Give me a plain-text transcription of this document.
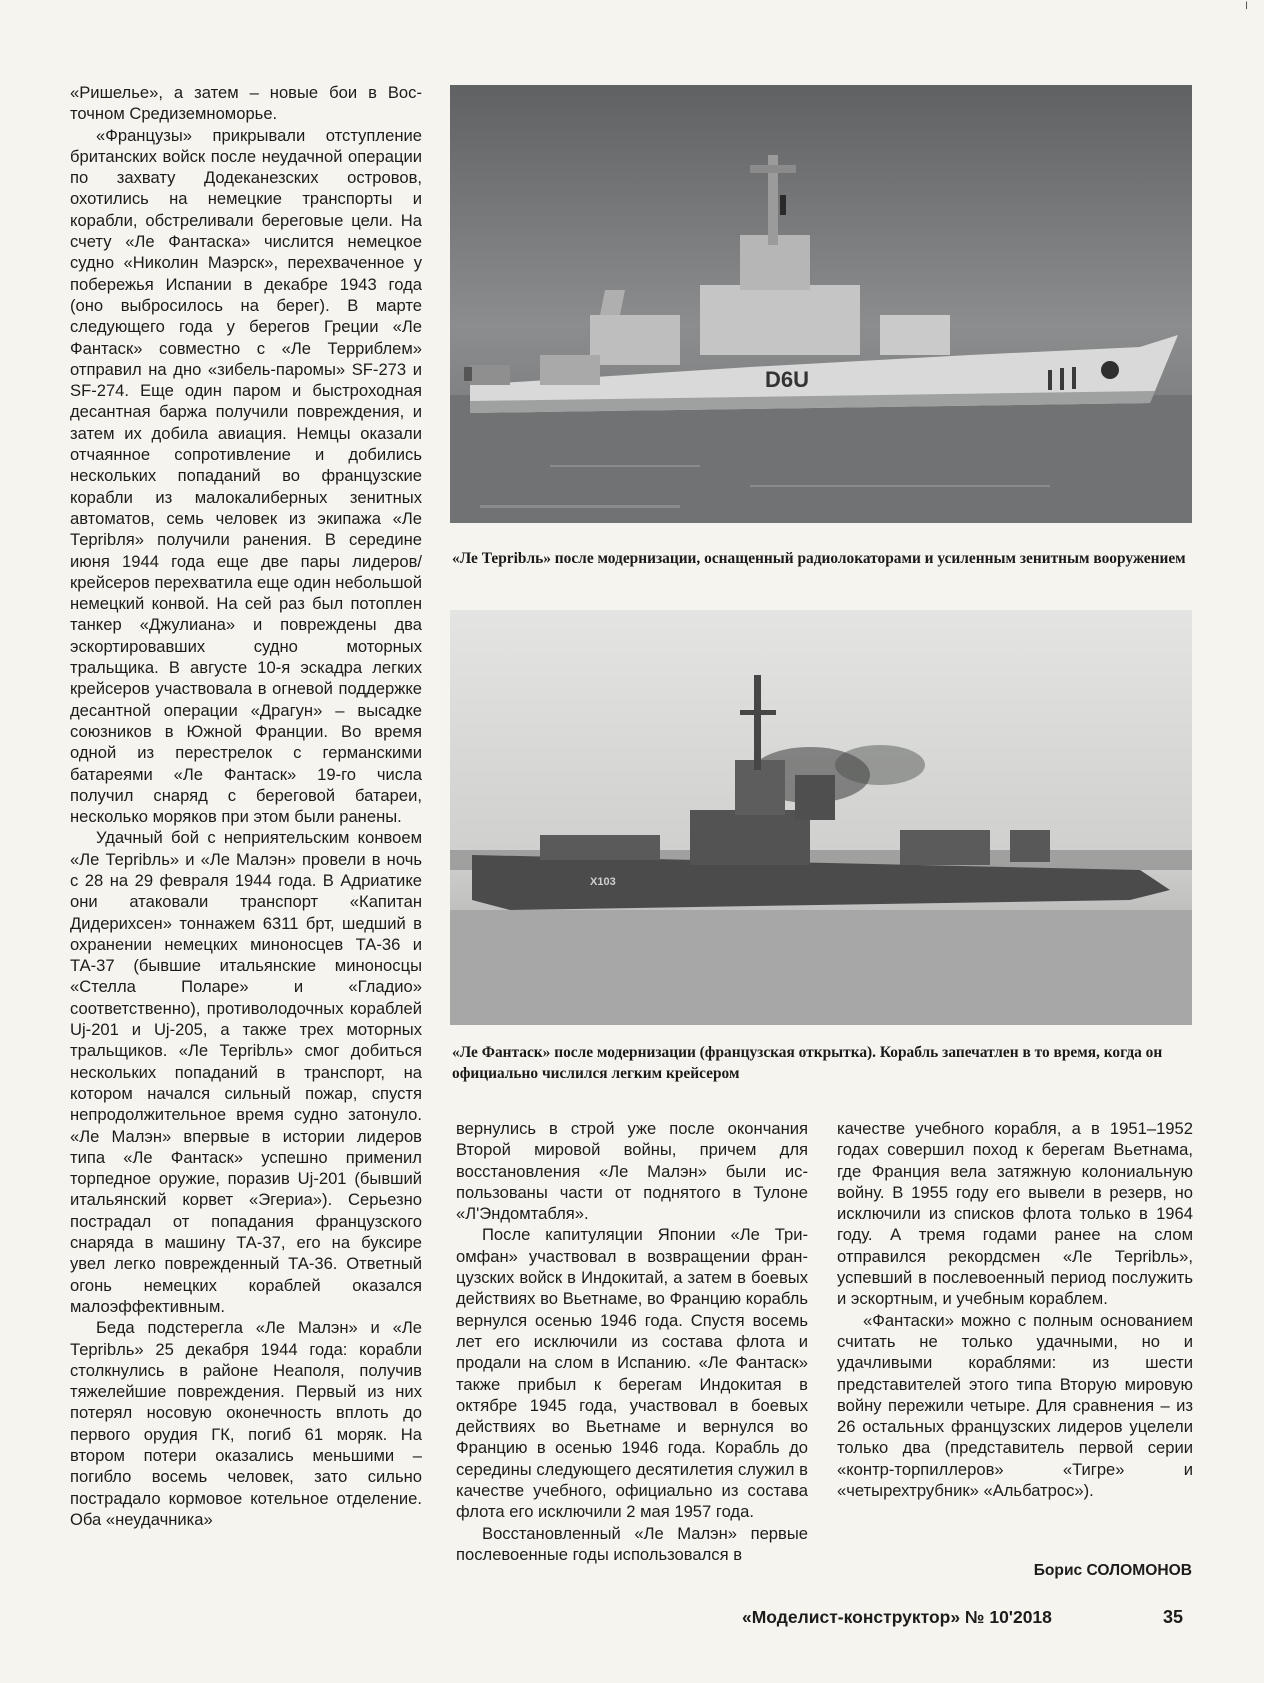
I

«Ришелье», а затем – новые бои в Восточном Средиземноморье.

«Французы» прикрывали отступление британских войск после неудачной операции по захвату Додеканезских островов, охотились на немецкие транспорты и корабли, обстреливали береговые цели. На счету «Ле Фантаска» числится немецкое судно «Николин Маэрск», перехваченное у побережья Испании в декабре 1943 года (оно выбросилось на берег). В марте следующего года у берегов Греции «Ле Фантаск» совместно с «Ле Терриблем» отправил на дно «зибель-паромы» SF-273 и SF-274. Еще один паром и быстроходная десантная баржа получили повреждения, и затем их добила авиация. Немцы оказали отчаянное сопротивление и добились нескольких попаданий во французские корабли из малокалиберных зенитных автоматов, семь человек из экипажа «Ле Терribля» получили ранения. В середине июня 1944 года еще две пары лидеров/крейсеров перехватила еще один небольшой немецкий конвой. На сей раз был потоплен танкер «Джулиана» и повреждены два эскортировавших судно моторных тральщика. В августе 10-я эскадра легких крейсеров участвовала в огневой поддержке десантной операции «Драгун» – высадке союзников в Южной Франции. Во время одной из перестрелок с германскими батареями «Ле Фантаск» 19-го числа получил снаряд с береговой батареи, несколько моряков при этом были ранены.

Удачный бой с неприятельским конвоем «Ле Терribль» и «Ле Малэн» провели в ночь с 28 на 29 февраля 1944 года. В Адриатике они атаковали транспорт «Капитан Дидерихсен» тоннажем 6311 брт, шедший в охранении немецких миноносцев ТА-36 и ТА-37 (бывшие итальянские миноносцы «Стелла Поларе» и «Гладио» соответственно), противолодочных кораблей Uj-201 и Uj-205, а также трех моторных тральщиков. «Ле Терribль» смог добиться нескольких попаданий в транспорт, на котором начался сильный пожар, спустя непродолжительное время судно затонуло. «Ле Малэн» впервые в истории лидеров типа «Ле Фантаск» успешно применил торпедное оружие, поразив Uj-201 (бывший итальянский корвет «Эгериа»). Серьезно пострадал от попадания французского снаряда в машину ТА-37, его на буксире увел легко поврежденный ТА-36. Ответный огонь немецких кораблей оказался малоэффективным.

Беда подстерегла «Ле Малэн» и «Ле Терribль» 25 декабря 1944 года: корабли столкнулись в районе Неаполя, получив тяжелейшие повреждения. Первый из них потерял носовую оконечность вплоть до первого орудия ГК, погиб 61 моряк. На втором потери оказались меньшими – погибло восемь человек, зато сильно пострадало кормовое котельное отделение. Оба «неудачника»

D6U
«Ле Терribль» после модернизации, оснащенный радиолокаторами и усиленным зенитным вооружением
X103
«Ле Фантаск» после модернизации (французская открытка). Корабль запечатлен в то время, когда он официально числился легким крейсером

вернулись в строй уже после окончания Второй мировой войны, причем для восстановления «Ле Малэн» были использованы части от поднятого в Тулоне «Л'Эндомтабля».

После капитуляции Японии «Ле Триомфан» участвовал в возвращении французских войск в Индокитай, а затем в боевых действиях во Вьетнаме, во Францию корабль вернулся осенью 1946 года. Спустя восемь лет его исключили из состава флота и продали на слом в Испанию. «Ле Фантаск» также прибыл к берегам Индокитая в октябре 1945 года, участвовал в боевых действиях во Вьетнаме и вернулся во Францию в осенью 1946 года. Корабль до середины следующего десятилетия служил в качестве учебного, официально из состава флота его исключили 2 мая 1957 года.

Восстановленный «Ле Малэн» первые послевоенные годы использовался в

качестве учебного корабля, а в 1951–1952 годах совершил поход к берегам Вьетнама, где Франция вела затяжную колониальную войну. В 1955 году его вывели в резерв, но исключили из списков флота только в 1964 году. А тремя годами ранее на слом отправился рекордсмен «Ле Терribль», успевший в послевоенный период послужить и эскортным, и учебным кораблем.

«Фантаски» можно с полным основанием считать не только удачными, но и удачливыми кораблями: из шести представителей этого типа Вторую мировую войну пережили четыре. Для сравнения – из 26 остальных французских лидеров уцелели только два (представитель первой серии «контр-торпиллеров» «Тигре» и «четырехтрубник» «Альбатрос»).

Борис СОЛОМОНОВ
«Моделист-конструктор» № 10'2018	35
